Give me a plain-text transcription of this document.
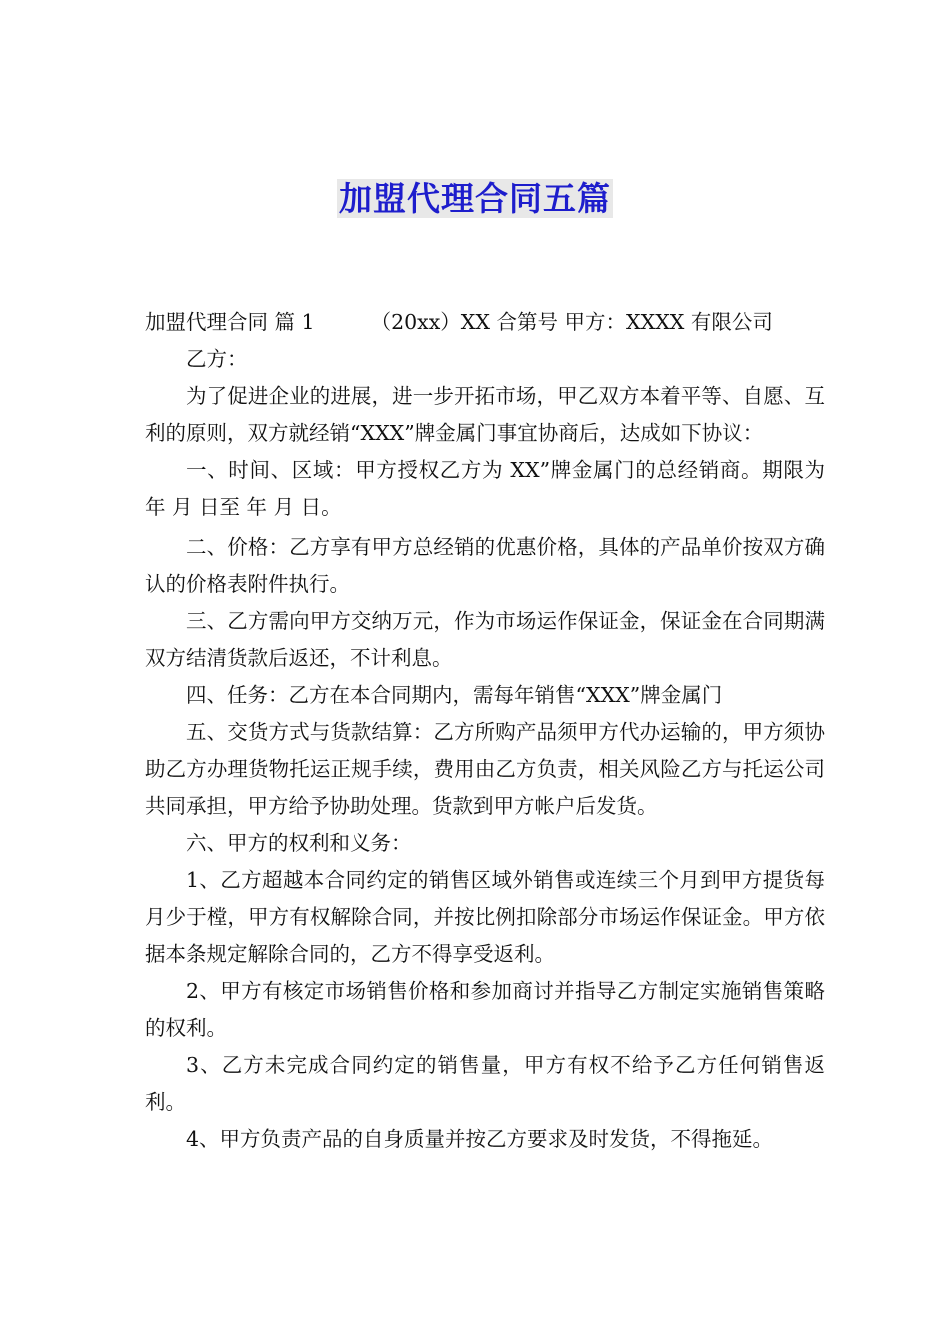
加盟代理合同五篇

加盟代理合同 篇 1	（20xx）XX 合第号 甲方：XXXX 有限公司

乙方：

为了促进企业的进展，进一步开拓市场，甲乙双方本着平等、自愿、互利的原则，双方就经销“XXX”牌金属门事宜协商后，达成如下协议：

一、时间、区域：甲方授权乙方为 XX”牌金属门的总经销商。期限为 年 月 日至 年 月 日。

二、价格：乙方享有甲方总经销的优惠价格，具体的产品单价按双方确认的价格表附件执行。

三、乙方需向甲方交纳万元，作为市场运作保证金，保证金在合同期满双方结清货款后返还，不计利息。

四、任务：乙方在本合同期内，需每年销售“XXX”牌金属门

五、交货方式与货款结算：乙方所购产品须甲方代办运输的，甲方须协助乙方办理货物托运正规手续，费用由乙方负责，相关风险乙方与托运公司共同承担，甲方给予协助处理。货款到甲方帐户后发货。

六、甲方的权利和义务：

1、乙方超越本合同约定的销售区域外销售或连续三个月到甲方提货每月少于樘，甲方有权解除合同，并按比例扣除部分市场运作保证金。甲方依据本条规定解除合同的，乙方不得享受返利。

2、甲方有核定市场销售价格和参加商讨并指导乙方制定实施销售策略的权利。

3、乙方未完成合同约定的销售量，甲方有权不给予乙方任何销售返利。

4、甲方负责产品的自身质量并按乙方要求及时发货，不得拖延。
